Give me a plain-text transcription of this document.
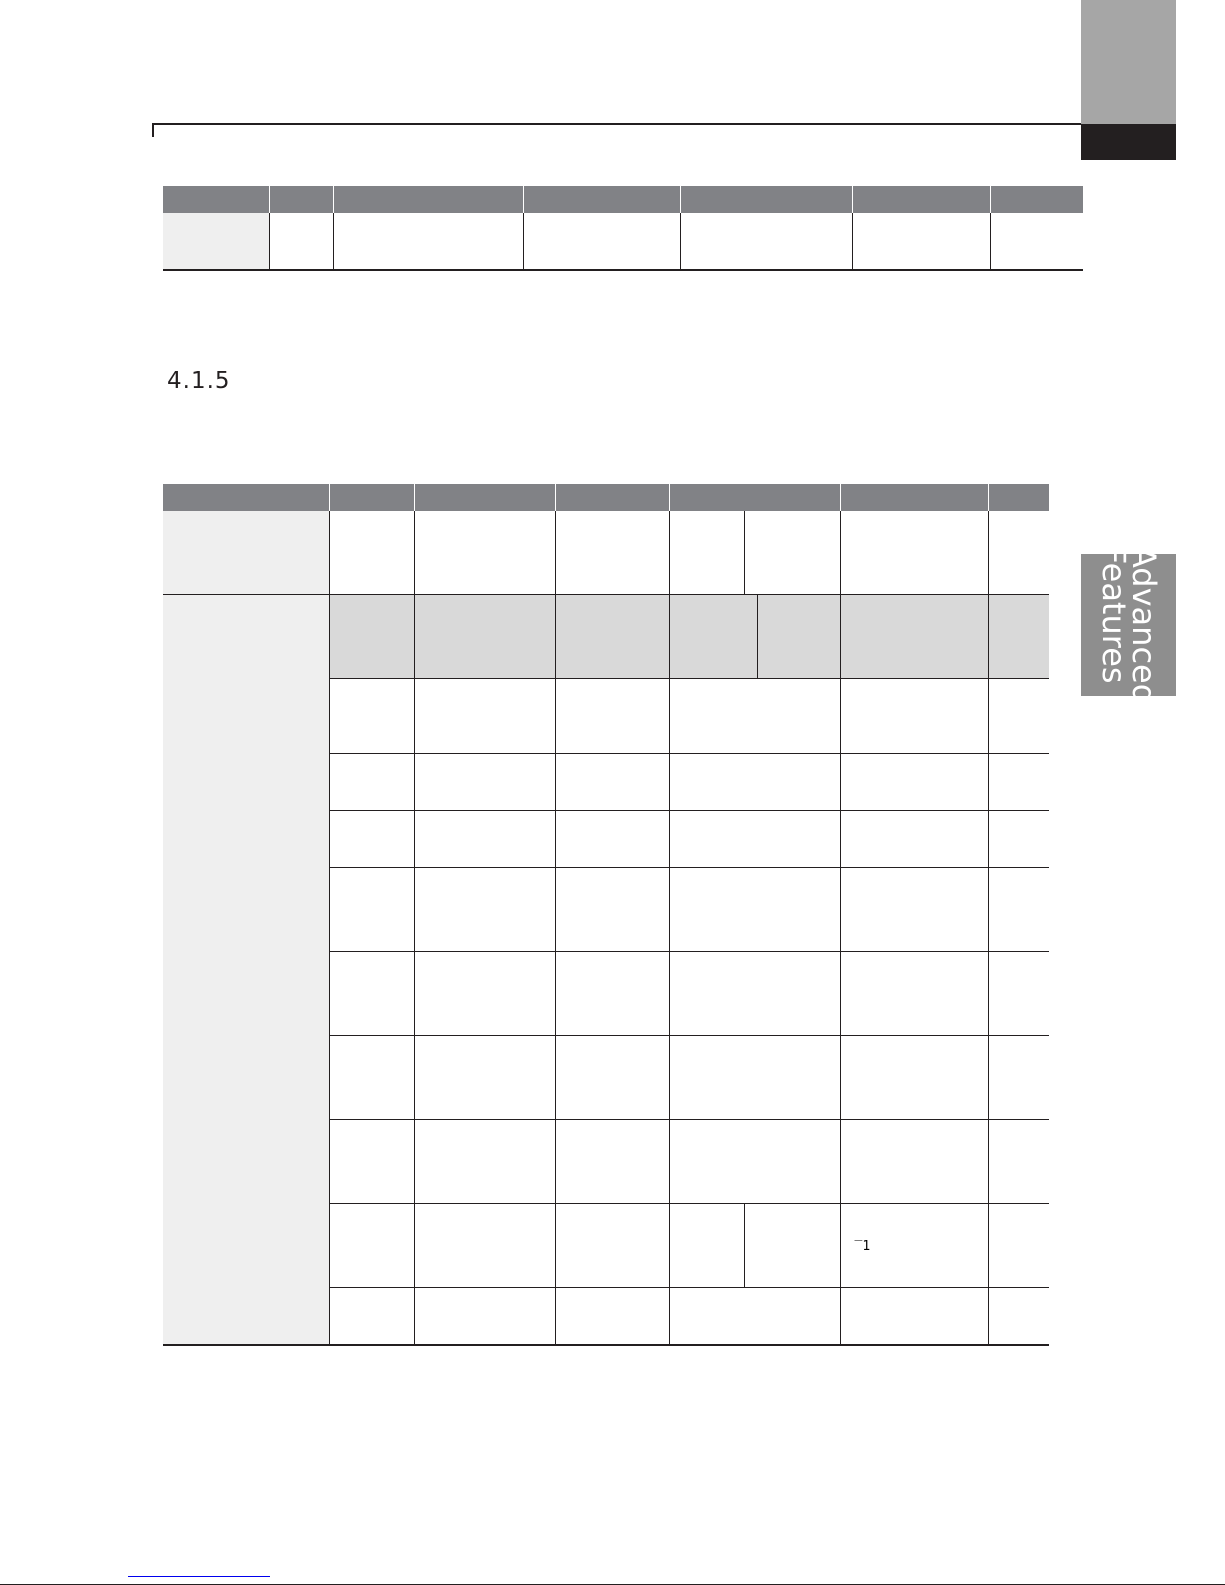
4.1.5
Advanced
Features

							‾1	
